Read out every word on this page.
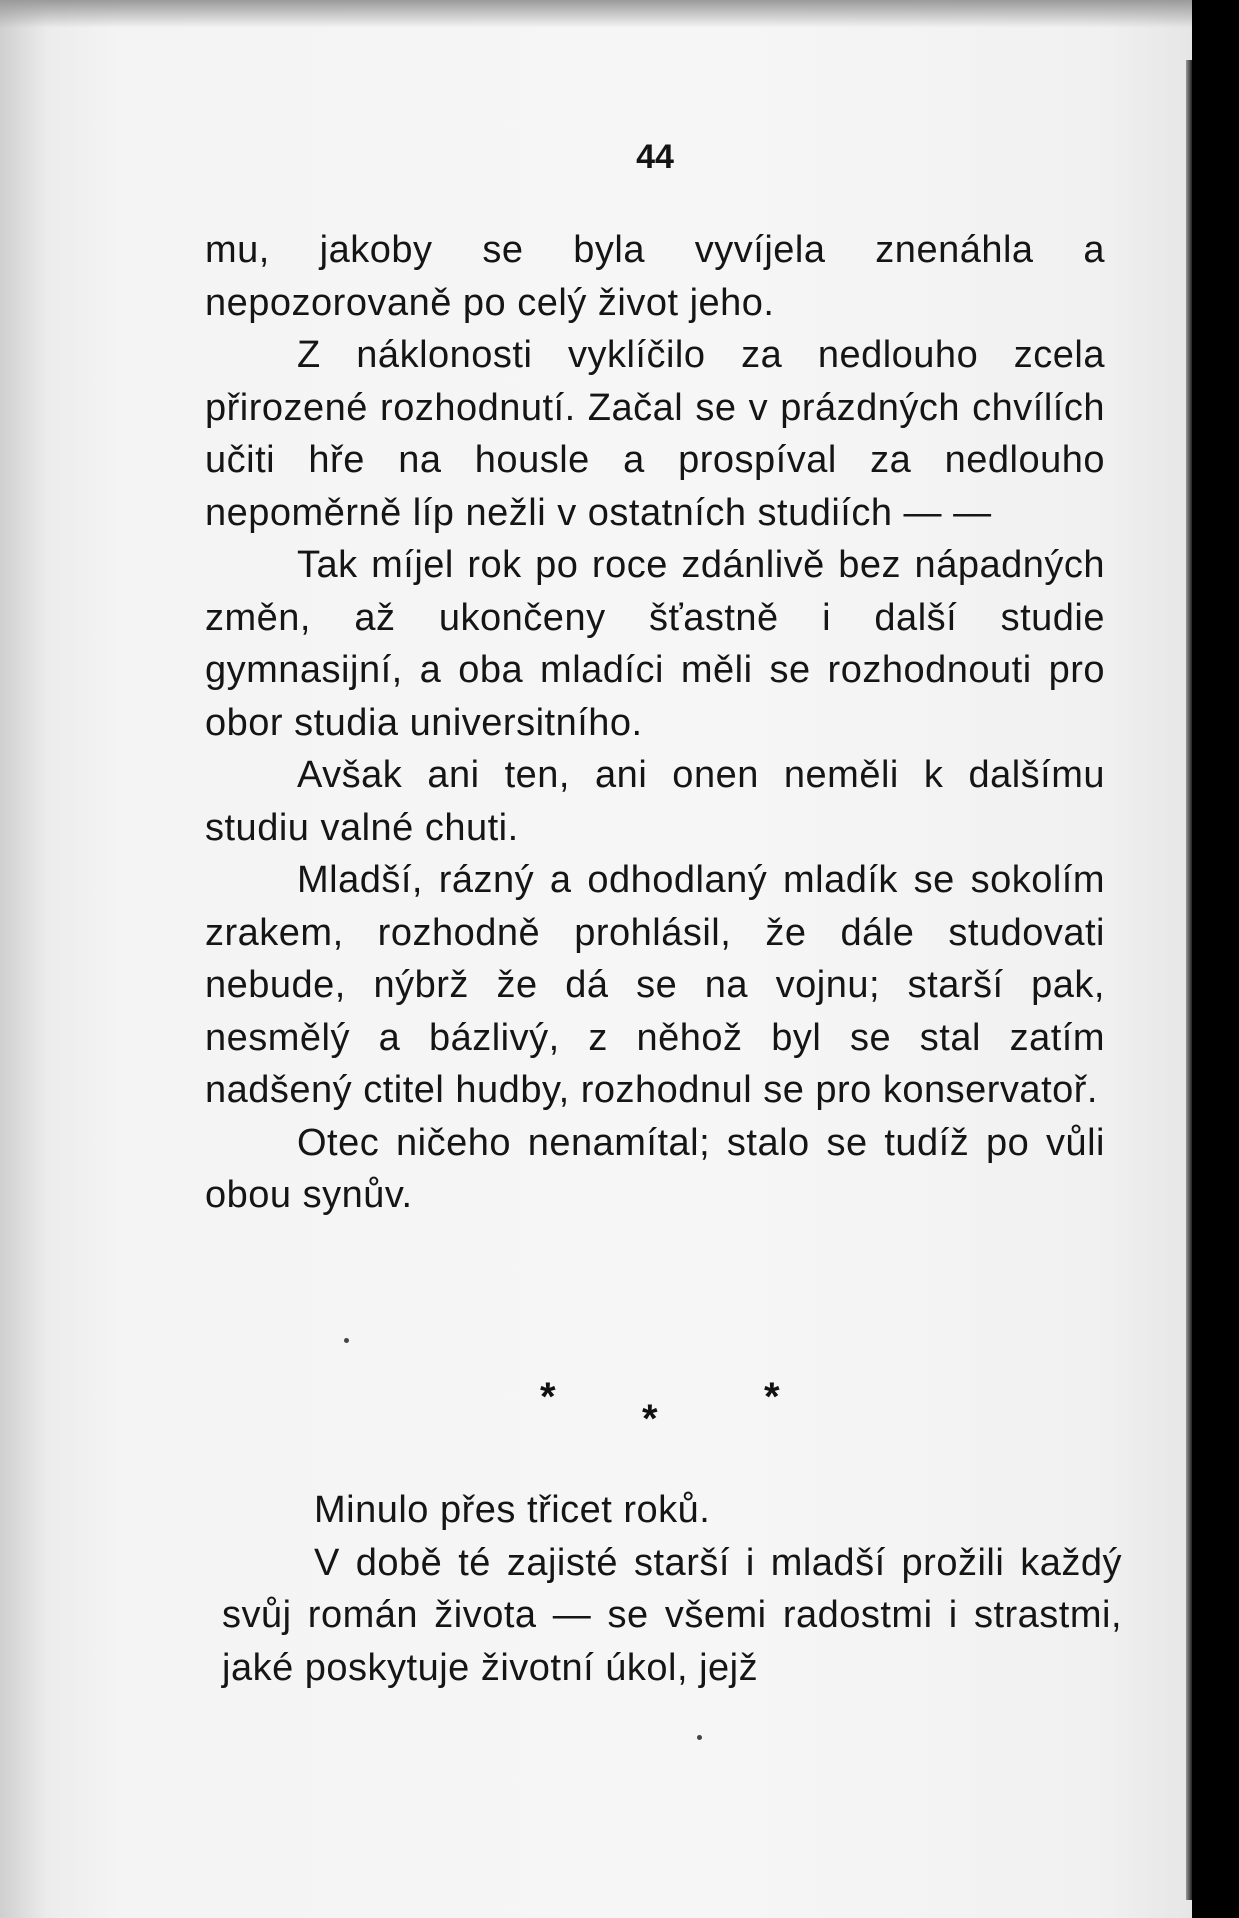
44

mu, jakoby se byla vyvíjela znenáhla a nepozorovaně po celý život jeho.

Z náklonosti vyklíčilo za nedlouho zcela přirozené rozhodnutí. Začal se v prázdných chvílích učiti hře na housle a prospíval za nedlouho nepoměrně líp nežli v ostatních studiích — —

Tak míjel rok po roce zdánlivě bez nápadných změn, až ukončeny šťastně i další studie gymnasijní, a oba mladíci měli se rozhodnouti pro obor studia universitního.

Avšak ani ten, ani onen neměli k dalšímu studiu valné chuti.

Mladší, rázný a odhodlaný mladík se sokolím zrakem, rozhodně prohlásil, že dále studovati nebude, nýbrž že dá se na vojnu; starší pak, nesmělý a bázlivý, z něhož byl se stal zatím nadšený ctitel hudby, rozhodnul se pro konservatoř.

Otec ničeho nenamítal; stalo se tudíž po vůli obou synův.

* *	*

Minulo přes třicet roků.

V době té zajisté starší i mladší prožili každý svůj román života — se všemi radostmi i strastmi, jaké poskytuje životní úkol, jejž
